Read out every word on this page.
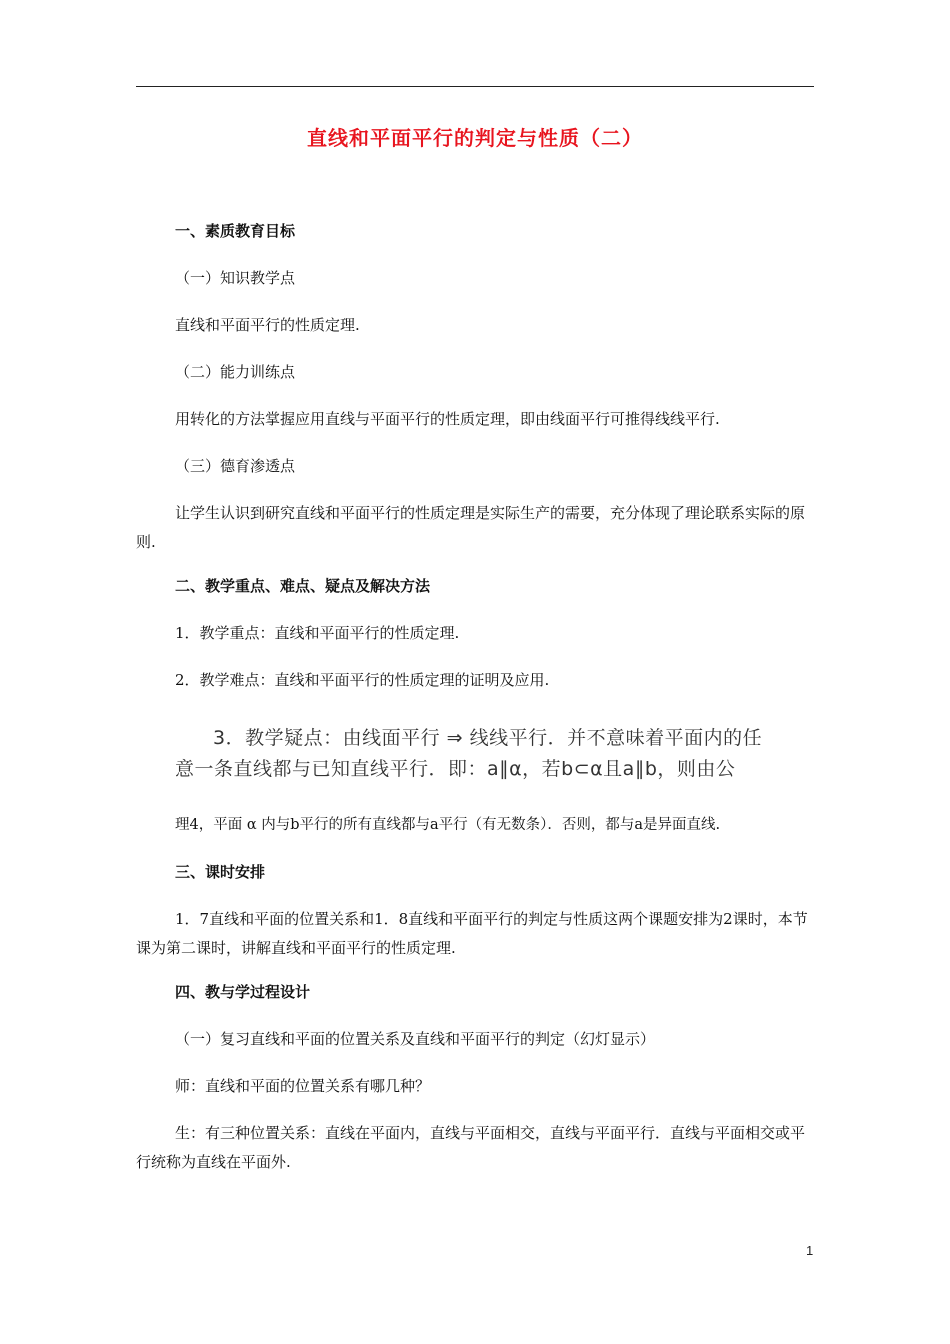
直线和平面平行的判定与性质（二）
一、素质教育目标
（一）知识教学点
直线和平面平行的性质定理.
（二）能力训练点
用转化的方法掌握应用直线与平面平行的性质定理，即由线面平行可推得线线平行.
（三）德育渗透点
让学生认识到研究直线和平面平行的性质定理是实际生产的需要，充分体现了理论联系实际的原则.
二、教学重点、难点、疑点及解决方法
1．教学重点：直线和平面平行的性质定理.
2．教学难点：直线和平面平行的性质定理的证明及应用.
3．教学疑点：由线面平行 ⇒ 线线平行．并不意味着平面内的任
意一条直线都与已知直线平行．即：a∥α，若b⊂α且a∥b，则由公
理4，平面 α 内与b平行的所有直线都与a平行（有无数条）．否则，都与a是异面直线.
三、课时安排
1．7直线和平面的位置关系和1．8直线和平面平行的判定与性质这两个课题安排为2课时，本节课为第二课时，讲解直线和平面平行的性质定理.
四、教与学过程设计
（一）复习直线和平面的位置关系及直线和平面平行的判定（幻灯显示）
师：直线和平面的位置关系有哪几种？
生：有三种位置关系：直线在平面内，直线与平面相交，直线与平面平行．直线与平面相交或平行统称为直线在平面外.
1
